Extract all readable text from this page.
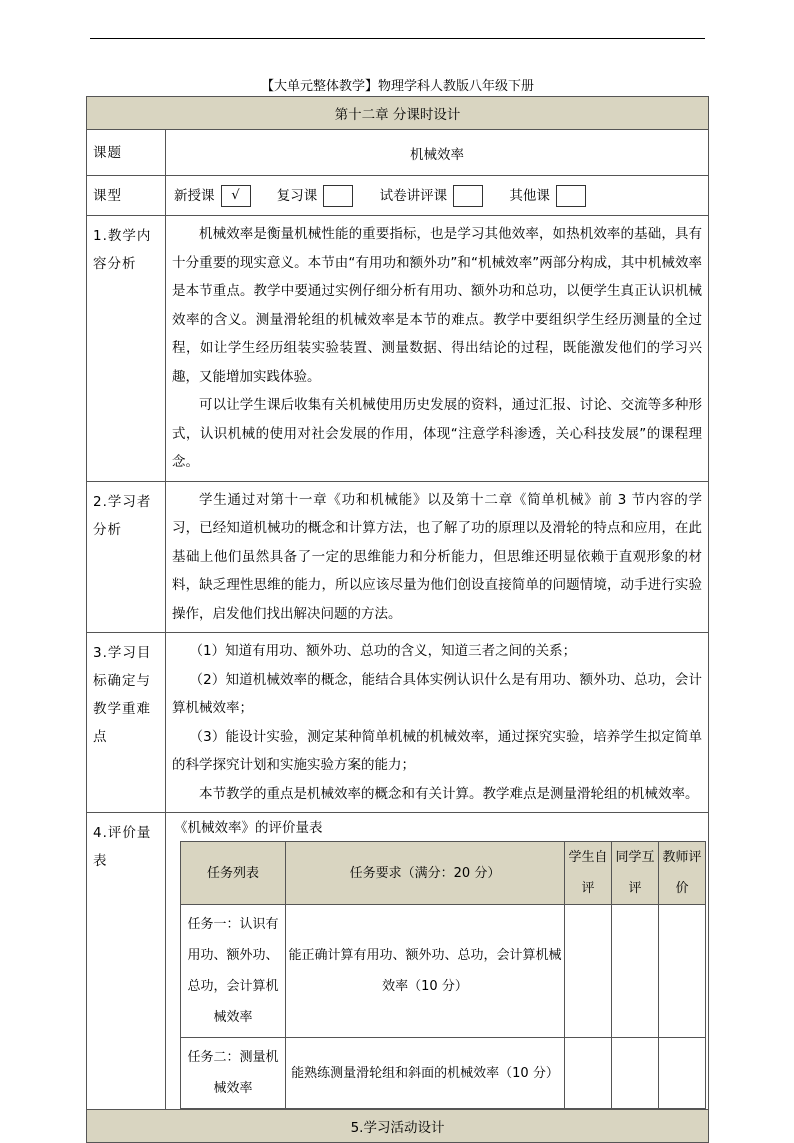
【大单元整体教学】物理学科人教版八年级下册
第十二章 分课时设计
课题	机械效率
课型	新授课 √	复习课	试卷讲评课	其他课
1.教学内容分析	

机械效率是衡量机械性能的重要指标，也是学习其他效率，如热机效率的基础，具有十分重要的现实意义。本节由“有用功和额外功”和“机械效率”两部分构成，其中机械效率是本节重点。教学中要通过实例仔细分析有用功、额外功和总功，以便学生真正认识机械效率的含义。测量滑轮组的机械效率是本节的难点。教学中要组织学生经历测量的全过程，如让学生经历组装实验装置、测量数据、得出结论的过程，既能激发他们的学习兴趣，又能增加实践体验。

可以让学生课后收集有关机械使用历史发展的资料，通过汇报、讨论、交流等多种形式，认识机械的使用对社会发展的作用，体现“注意学科渗透，关心科技发展”的课程理念。

2.学习者分析	

学生通过对第十一章《功和机械能》以及第十二章《简单机械》前 3 节内容的学习，已经知道机械功的概念和计算方法，也了解了功的原理以及滑轮的特点和应用，在此基础上他们虽然具备了一定的思维能力和分析能力，但思维还明显依赖于直观形象的材料，缺乏理性思维的能力，所以应该尽量为他们创设直接简单的问题情境，动手进行实验操作，启发他们找出解决问题的方法。

3.学习目标确定与教学重难点	

（1）知道有用功、额外功、总功的含义，知道三者之间的关系；

（2）知道机械效率的概念，能结合具体实例认识什么是有用功、额外功、总功，会计算机械效率；

（3）能设计实验，测定某种简单机械的机械效率，通过探究实验，培养学生拟定简单的科学探究计划和实施实验方案的能力；

本节教学的重点是机械效率的概念和有关计算。教学难点是测量滑轮组的机械效率。

4.评价量表	
《机械效率》的评价量表
任务列表	任务要求（满分：20 分）	学生自评	同学互评	教师评价
任务一：认识有用功、额外功、总功，会计算机械效率	能正确计算有用功、额外功、总功，会计算机械效率（10 分）			
任务二：测量机械效率	能熟练测量滑轮组和斜面的机械效率（10 分）			

5.学习活动设计
